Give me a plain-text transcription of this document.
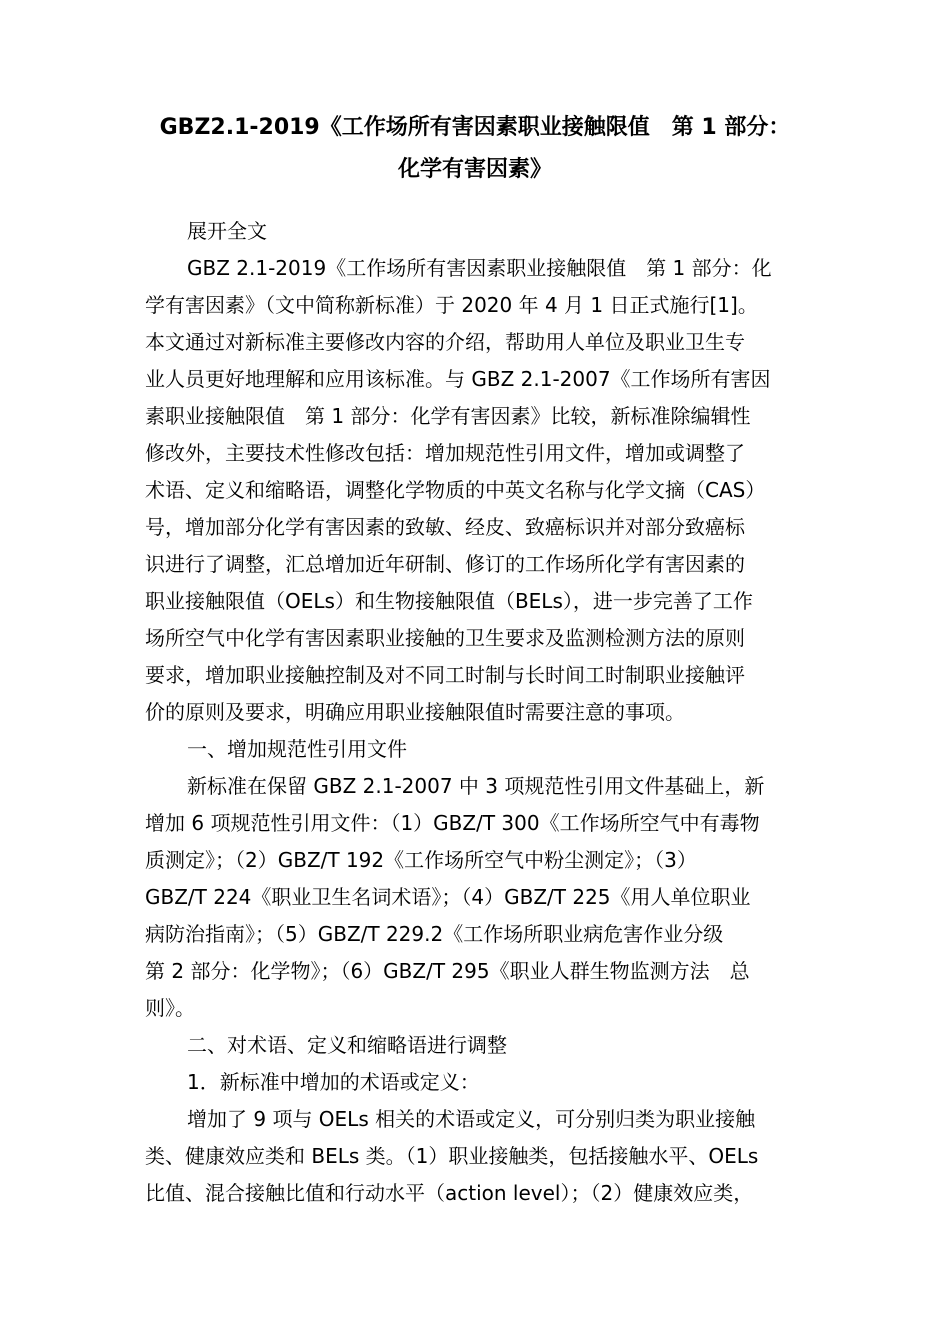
GBZ2.1-2019《工作场所有害因素职业接触限值　第 1 部分：
化学有害因素》
展开全文
GBZ 2.1-2019《工作场所有害因素职业接触限值　第 1 部分：化
学有害因素》（文中简称新标准）于 2020 年 4 月 1 日正式施行[1]。
本文通过对新标准主要修改内容的介绍，帮助用人单位及职业卫生专
业人员更好地理解和应用该标准。与 GBZ 2.1-2007《工作场所有害因
素职业接触限值　第 1 部分：化学有害因素》比较，新标准除编辑性
修改外，主要技术性修改包括：增加规范性引用文件，增加或调整了
术语、定义和缩略语，调整化学物质的中英文名称与化学文摘（CAS）
号，增加部分化学有害因素的致敏、经皮、致癌标识并对部分致癌标
识进行了调整，汇总增加近年研制、修订的工作场所化学有害因素的
职业接触限值（OELs）和生物接触限值（BELs），进一步完善了工作
场所空气中化学有害因素职业接触的卫生要求及监测检测方法的原则
要求，增加职业接触控制及对不同工时制与长时间工时制职业接触评
价的原则及要求，明确应用职业接触限值时需要注意的事项。
一、增加规范性引用文件
新标准在保留 GBZ 2.1-2007 中 3 项规范性引用文件基础上，新
增加 6 项规范性引用文件：（1）GBZ/T 300《工作场所空气中有毒物
质测定》；（2）GBZ/T 192《工作场所空气中粉尘测定》；（3）
GBZ/T 224《职业卫生名词术语》；（4）GBZ/T 225《用人单位职业
病防治指南》；（5）GBZ/T 229.2《工作场所职业病危害作业分级
第 2 部分：化学物》；（6）GBZ/T 295《职业人群生物监测方法　总
则》。
二、对术语、定义和缩略语进行调整
1．新标准中增加的术语或定义：
增加了 9 项与 OELs 相关的术语或定义，可分别归类为职业接触
类、健康效应类和 BELs 类。（1）职业接触类，包括接触水平、OELs
比值、混合接触比值和行动水平（action level）；（2）健康效应类，
